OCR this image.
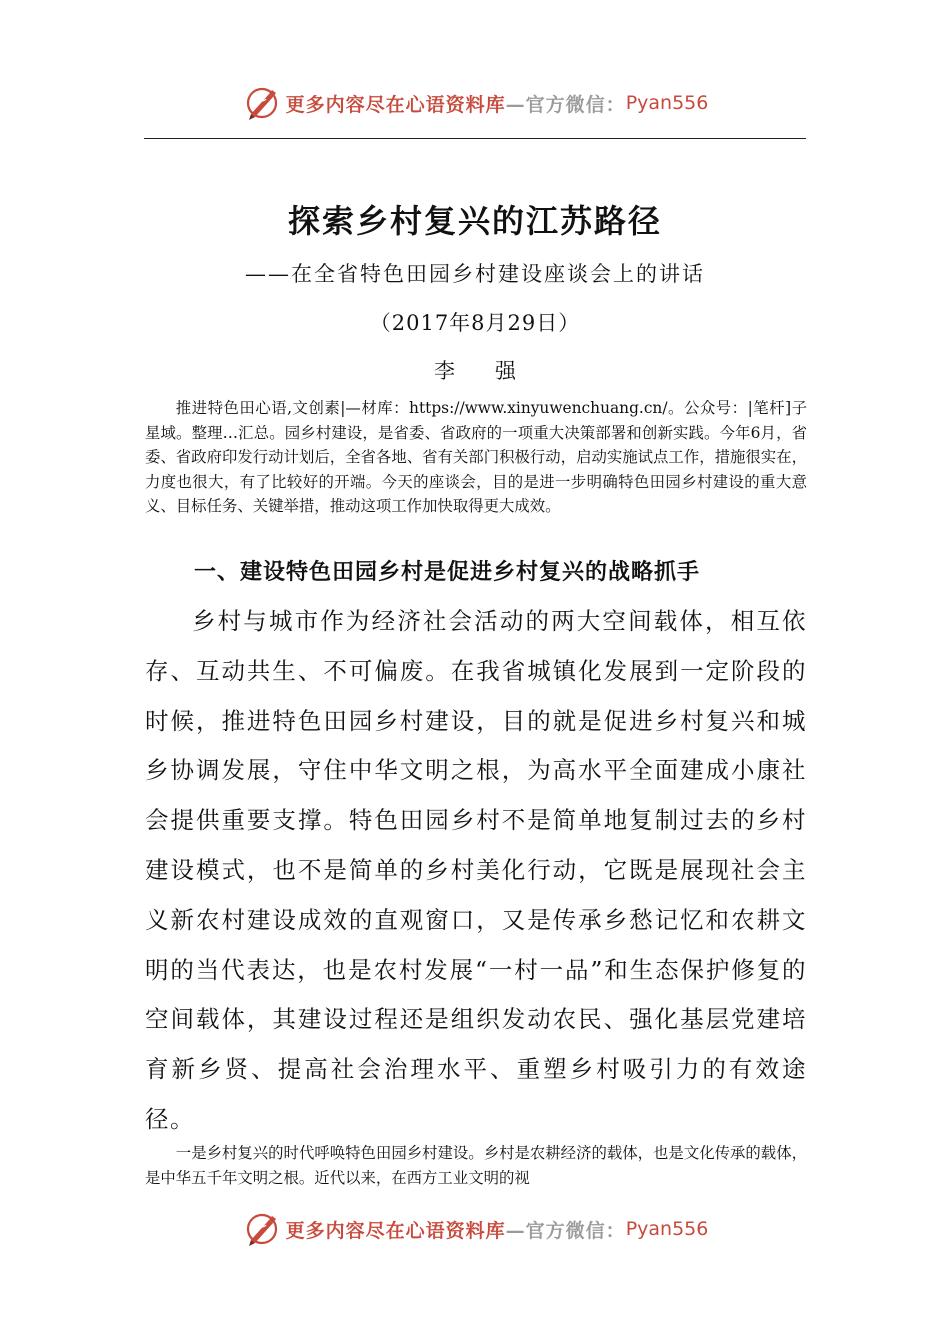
更多内容尽在心语资料库 —官方微信： Pyan556
探索乡村复兴的江苏路径
——在全省特色田园乡村建设座谈会上的讲话
（2017年8月29日）
李强

推进特色田心语,文创素|—材库：https://www.xinyuwenchuang.cn/。公众号：|笔杆]子星域。整理…汇总。园乡村建设，是省委、省政府的一项重大决策部署和创新实践。今年6月，省委、省政府印发行动计划后，全省各地、省有关部门积极行动，启动实施试点工作，措施很实在，力度也很大，有了比较好的开端。今天的座谈会，目的是进一步明确特色田园乡村建设的重大意义、目标任务、关键举措，推动这项工作加快取得更大成效。

一、建设特色田园乡村是促进乡村复兴的战略抓手

乡村与城市作为经济社会活动的两大空间载体，相互依存、互动共生、不可偏废。在我省城镇化发展到一定阶段的时候，推进特色田园乡村建设，目的就是促进乡村复兴和城乡协调发展，守住中华文明之根，为高水平全面建成小康社会提供重要支撑。特色田园乡村不是简单地复制过去的乡村建设模式，也不是简单的乡村美化行动，它既是展现社会主义新农村建设成效的直观窗口，又是传承乡愁记忆和农耕文明的当代表达，也是农村发展“一村一品”和生态保护修复的空间载体，其建设过程还是组织发动农民、强化基层党建培育新乡贤、提高社会治理水平、重塑乡村吸引力的有效途径。

一是乡村复兴的时代呼唤特色田园乡村建设。乡村是农耕经济的载体，也是文化传承的载体，是中华五千年文明之根。近代以来，在西方工业文明的视

更多内容尽在心语资料库 —官方微信： Pyan556
